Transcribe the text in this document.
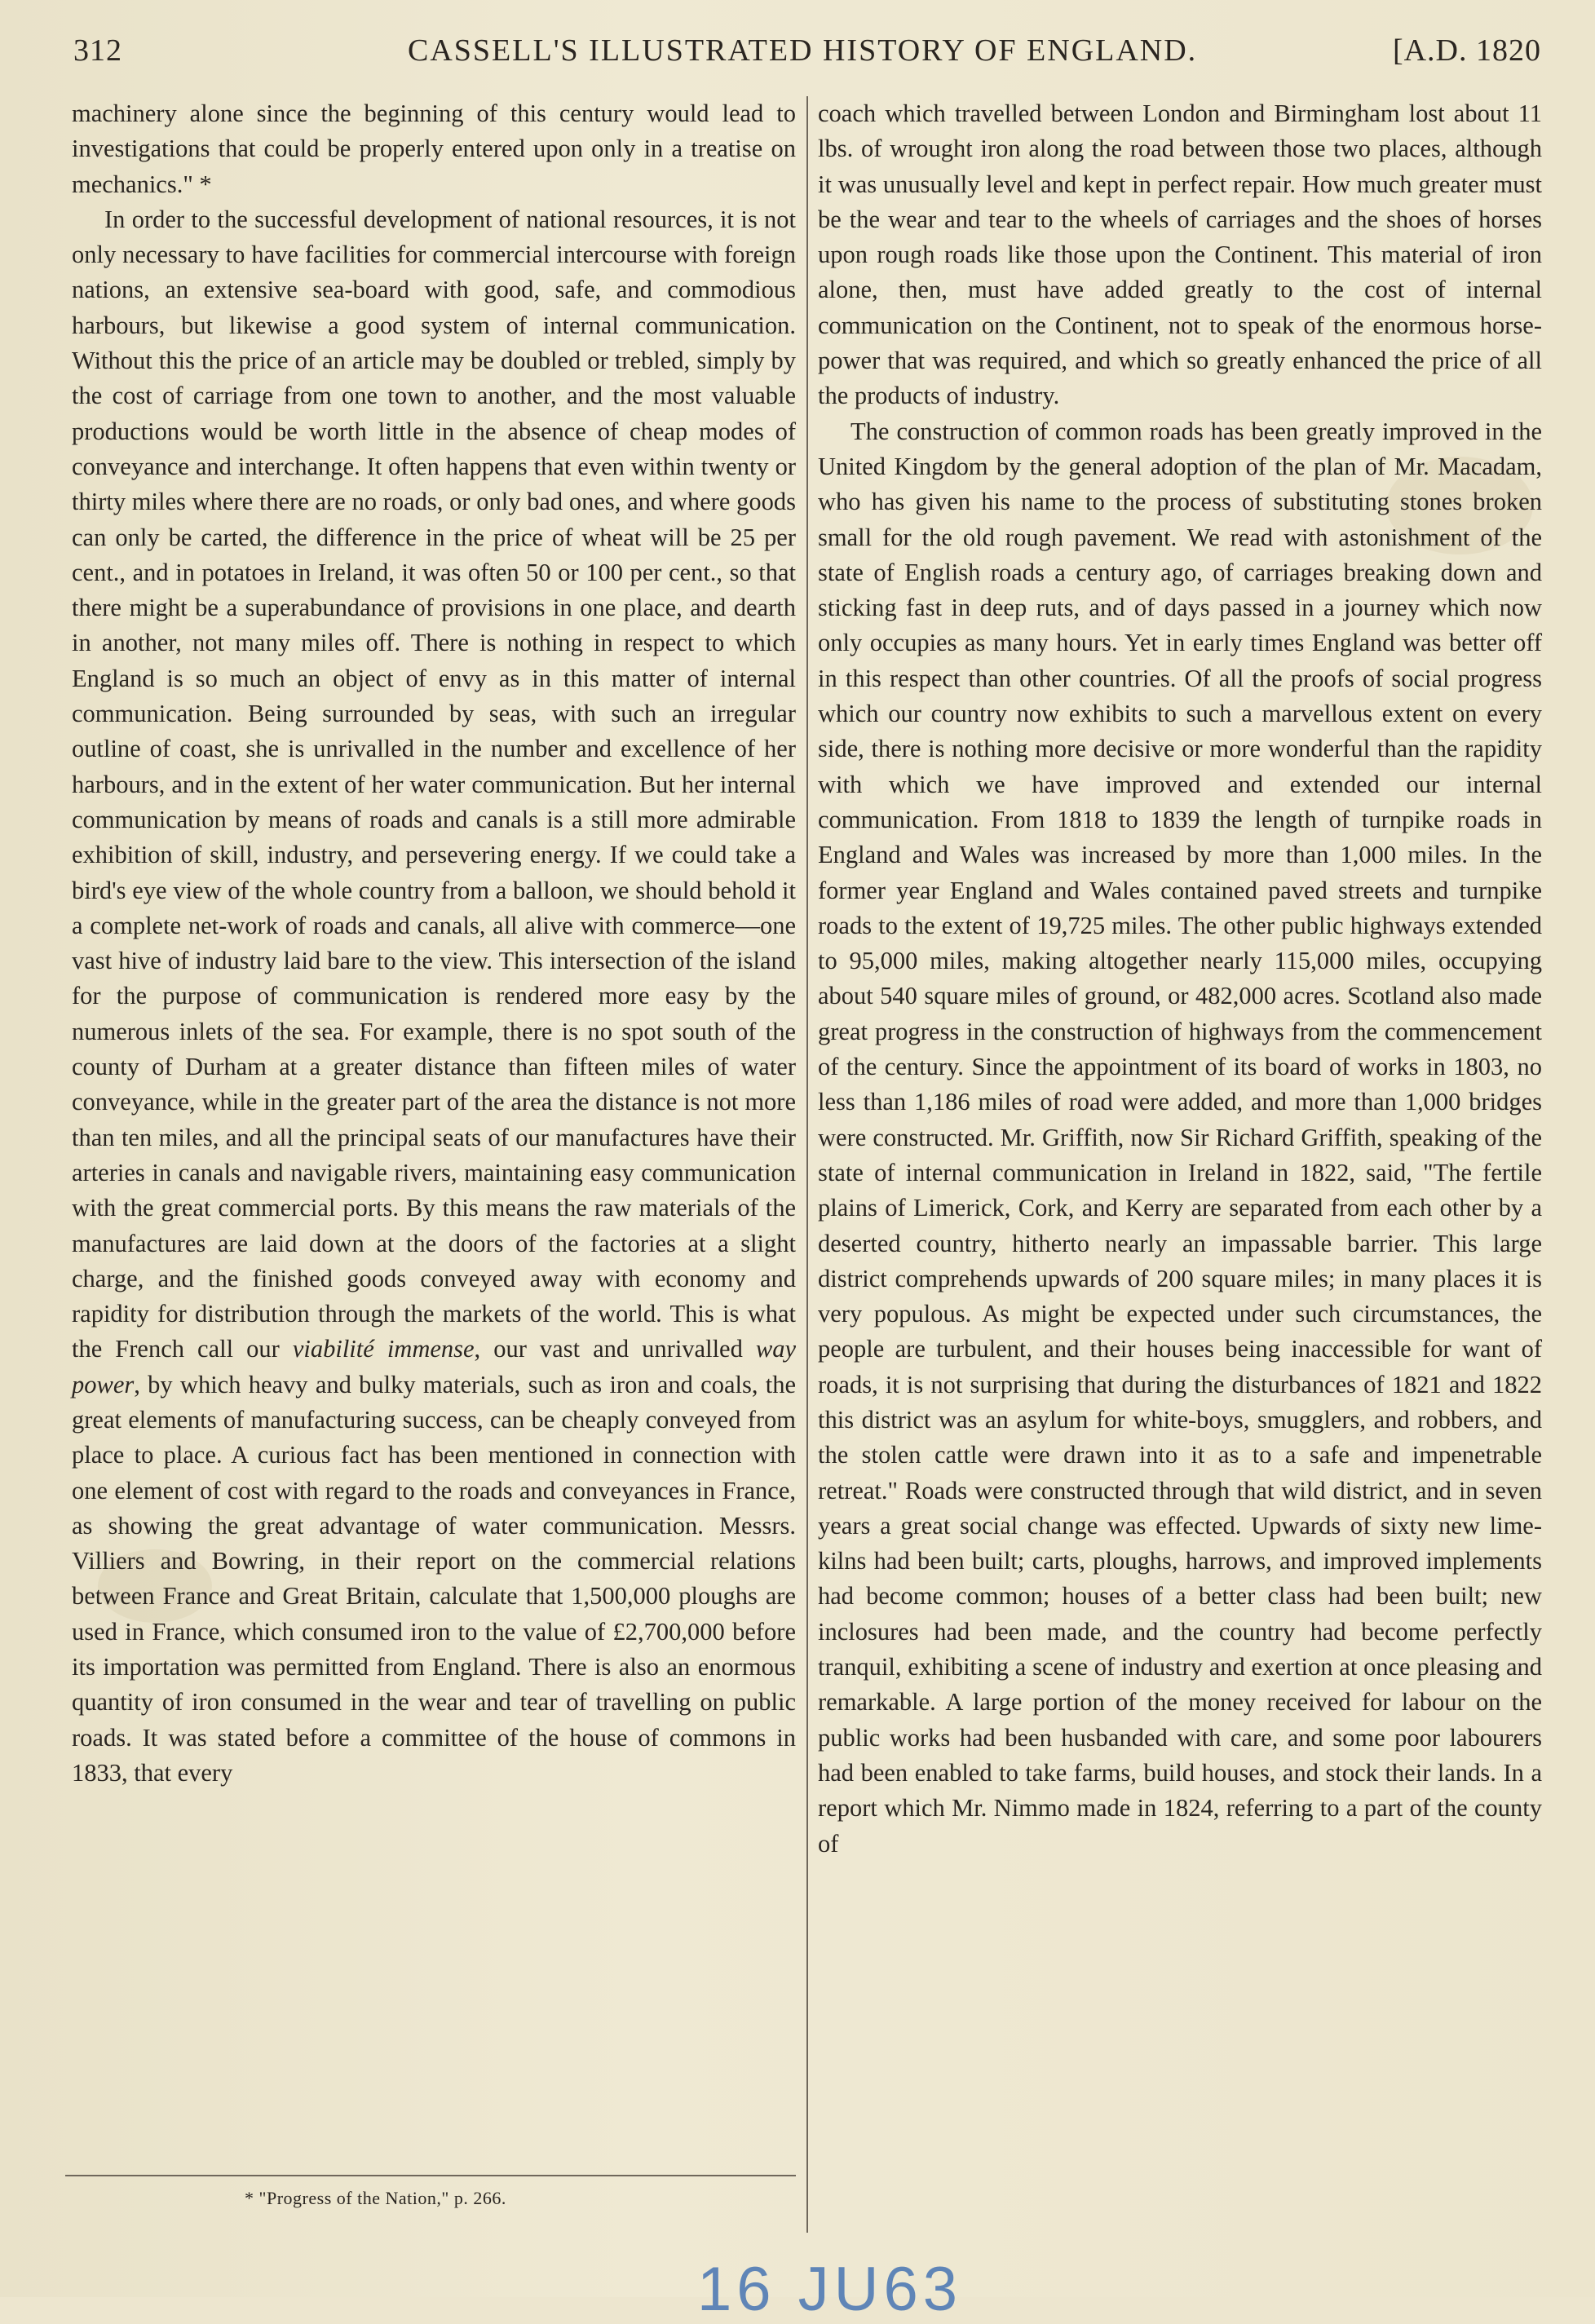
312	CASSELL'S ILLUSTRATED HISTORY OF ENGLAND.	[A.D. 1820

machinery alone since the beginning of this century would lead to investigations that could be properly entered upon only in a treatise on mechanics." *

In order to the successful development of national resources, it is not only necessary to have facilities for commercial intercourse with foreign nations, an extensive sea-board with good, safe, and commodious harbours, but likewise a good system of internal communication. Without this the price of an article may be doubled or trebled, simply by the cost of carriage from one town to another, and the most valuable productions would be worth little in the absence of cheap modes of conveyance and interchange. It often happens that even within twenty or thirty miles where there are no roads, or only bad ones, and where goods can only be carted, the difference in the price of wheat will be 25 per cent., and in potatoes in Ireland, it was often 50 or 100 per cent., so that there might be a superabundance of provisions in one place, and dearth in another, not many miles off. There is nothing in respect to which England is so much an object of envy as in this matter of internal communication. Being surrounded by seas, with such an irregular outline of coast, she is unrivalled in the number and excellence of her harbours, and in the extent of her water communication. But her internal communication by means of roads and canals is a still more admirable exhibition of skill, industry, and persevering energy. If we could take a bird's eye view of the whole country from a balloon, we should behold it a complete net-work of roads and canals, all alive with commerce—one vast hive of industry laid bare to the view. This intersection of the island for the purpose of communication is rendered more easy by the numerous inlets of the sea. For example, there is no spot south of the county of Durham at a greater distance than fifteen miles of water conveyance, while in the greater part of the area the distance is not more than ten miles, and all the principal seats of our manufactures have their arteries in canals and navigable rivers, maintaining easy communication with the great commercial ports. By this means the raw materials of the manufactures are laid down at the doors of the factories at a slight charge, and the finished goods conveyed away with economy and rapidity for distribution through the markets of the world. This is what the French call our viabilité immense, our vast and unrivalled way power, by which heavy and bulky materials, such as iron and coals, the great elements of manufacturing success, can be cheaply conveyed from place to place. A curious fact has been mentioned in connection with one element of cost with regard to the roads and conveyances in France, as showing the great advantage of water communication. Messrs. Villiers and Bowring, in their report on the commercial relations between France and Great Britain, calculate that 1,500,000 ploughs are used in France, which consumed iron to the value of £2,700,000 before its importation was permitted from England. There is also an enormous quantity of iron consumed in the wear and tear of travelling on public roads. It was stated before a committee of the house of commons in 1833, that every

coach which travelled between London and Birmingham lost about 11 lbs. of wrought iron along the road between those two places, although it was unusually level and kept in perfect repair. How much greater must be the wear and tear to the wheels of carriages and the shoes of horses upon rough roads like those upon the Continent. This material of iron alone, then, must have added greatly to the cost of internal communication on the Continent, not to speak of the enormous horse-power that was required, and which so greatly enhanced the price of all the products of industry.

The construction of common roads has been greatly improved in the United Kingdom by the general adoption of the plan of Mr. Macadam, who has given his name to the process of substituting stones broken small for the old rough pavement. We read with astonishment of the state of English roads a century ago, of carriages breaking down and sticking fast in deep ruts, and of days passed in a journey which now only occupies as many hours. Yet in early times England was better off in this respect than other countries. Of all the proofs of social progress which our country now exhibits to such a marvellous extent on every side, there is nothing more decisive or more wonderful than the rapidity with which we have improved and extended our internal communication. From 1818 to 1839 the length of turnpike roads in England and Wales was increased by more than 1,000 miles. In the former year England and Wales contained paved streets and turnpike roads to the extent of 19,725 miles. The other public highways extended to 95,000 miles, making altogether nearly 115,000 miles, occupying about 540 square miles of ground, or 482,000 acres. Scotland also made great progress in the construction of highways from the commencement of the century. Since the appointment of its board of works in 1803, no less than 1,186 miles of road were added, and more than 1,000 bridges were constructed. Mr. Griffith, now Sir Richard Griffith, speaking of the state of internal communication in Ireland in 1822, said, "The fertile plains of Limerick, Cork, and Kerry are separated from each other by a deserted country, hitherto nearly an impassable barrier. This large district comprehends upwards of 200 square miles; in many places it is very populous. As might be expected under such circumstances, the people are turbulent, and their houses being inaccessible for want of roads, it is not surprising that during the disturbances of 1821 and 1822 this district was an asylum for white-boys, smugglers, and robbers, and the stolen cattle were drawn into it as to a safe and impenetrable retreat." Roads were constructed through that wild district, and in seven years a great social change was effected. Upwards of sixty new lime-kilns had been built; carts, ploughs, harrows, and improved implements had become common; houses of a better class had been built; new inclosures had been made, and the country had become perfectly tranquil, exhibiting a scene of industry and exertion at once pleasing and remarkable. A large portion of the money received for labour on the public works had been husbanded with care, and some poor labourers had been enabled to take farms, build houses, and stock their lands. In a report which Mr. Nimmo made in 1824, referring to a part of the county of

* "Progress of the Nation," p. 266.
16 JU63
